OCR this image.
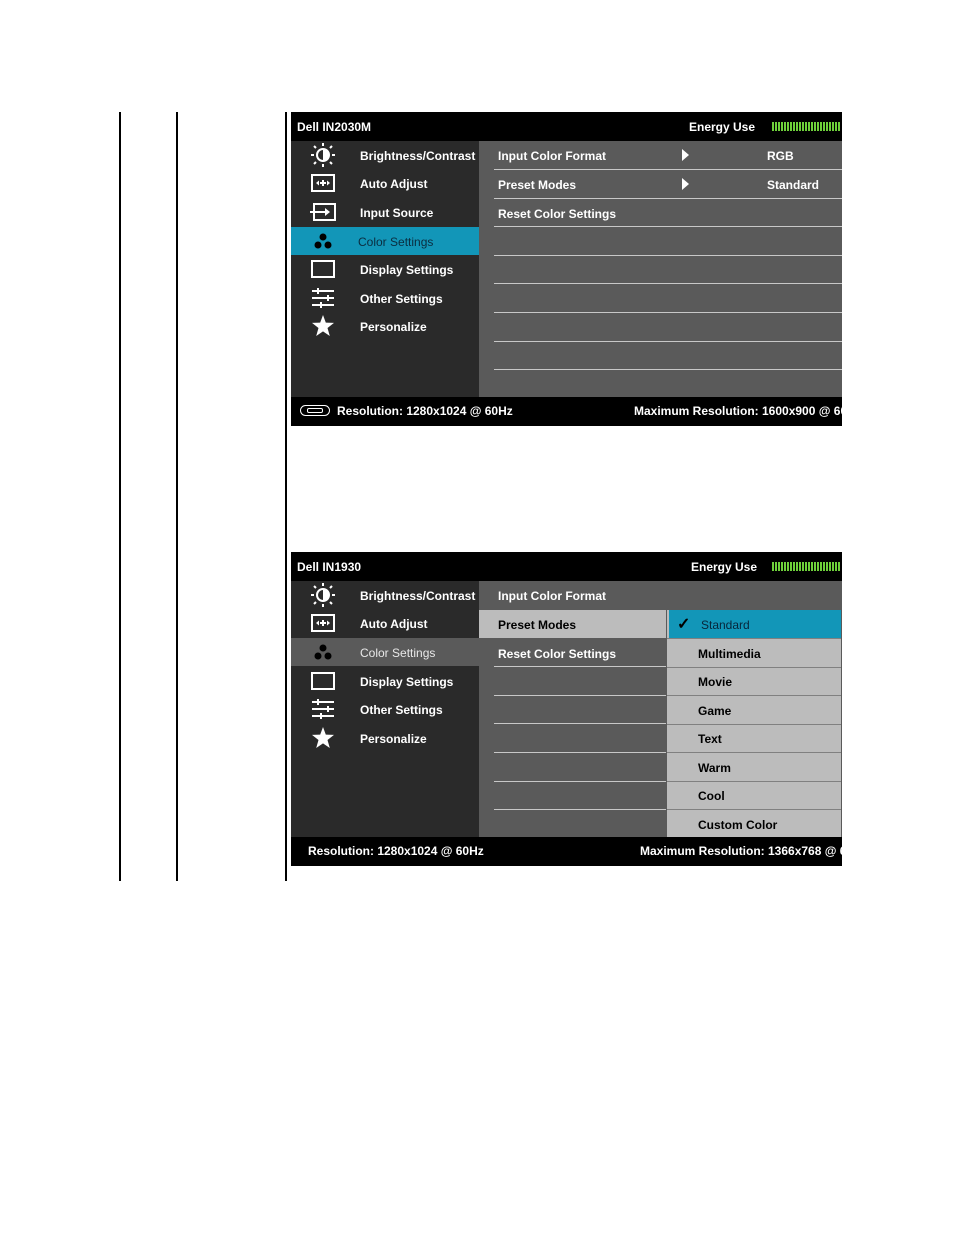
Dell IN2030M	Energy Use
Brightness/Contrast
Auto Adjust
Input Source
Color Settings
Display Settings
Other Settings
Personalize
Input Color Format	RGB
Preset Modes	Standard
Reset Color Settings
Resolution: 1280x1024 @ 60Hz	Maximum Resolution: 1600x900 @ 60Hz
Dell IN1930	Energy Use
Brightness/Contrast
Auto Adjust
Color Settings
Display Settings
Other Settings
Personalize
Input Color Format
Preset Modes
Reset Color Settings
✓ Standard
Multimedia
Movie
Game
Text
Warm
Cool
Custom Color
Resolution: 1280x1024 @ 60Hz	Maximum Resolution: 1366x768 @ 60Hz
